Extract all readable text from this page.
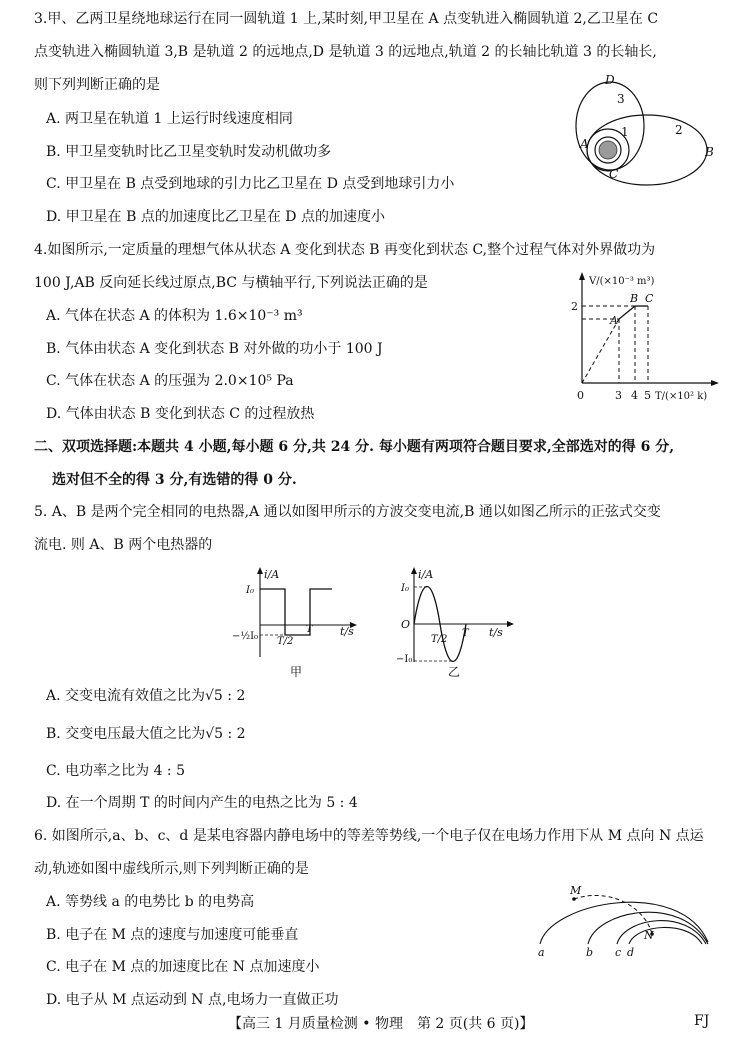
3.甲、乙两卫星绕地球运行在同一圆轨道 1 上,某时刻,甲卫星在 A 点变轨进入椭圆轨道 2,乙卫星在 C
点变轨进入椭圆轨道 3,B 是轨道 2 的远地点,D 是轨道 3 的远地点,轨道 2 的长轴比轨道 3 的长轴长,
则下列判断正确的是
A. 两卫星在轨道 1 上运行时线速度相同
B. 甲卫星变轨时比乙卫星变轨时发动机做功多
C. 甲卫星在 B 点受到地球的引力比乙卫星在 D 点受到地球引力小
D. 甲卫星在 B 点的加速度比乙卫星在 D 点的加速度小
D
3
1	2
A
B
C
4.如图所示,一定质量的理想气体从状态 A 变化到状态 B 再变化到状态 C,整个过程气体对外界做功为
100 J,AB 反向延长线过原点,BC 与横轴平行,下列说法正确的是
A. 气体在状态 A 的体积为 1.6×10⁻³ m³
B. 气体由状态 A 变化到状态 B 对外做的功小于 100 J
C. 气体在状态 A 的压强为 2.0×10⁵ Pa
D. 气体由状态 B 变化到状态 C 的过程放热
V/(×10⁻³ m³)
T/(×10² k)
2
0	3 4 5
A
B C
二、双项选择题:本题共 4 小题,每小题 6 分,共 24 分. 每小题有两项符合题目要求,全部选对的得 6 分,
选对但不全的得 3 分,有选错的得 0 分.
5. A、B 是两个完全相同的电热器,A 通以如图甲所示的方波交变电流,B 通以如图乙所示的正弦式交变
流电. 则 A、B 两个电热器的
i/A
I₀
−½I₀ T/2
T t/s
甲
i/A
I₀
O
−I₀
T/2
T t/s
乙
A. 交变电流有效值之比为√5 : 2
B. 交变电压最大值之比为√5 : 2
C. 电功率之比为 4 : 5
D. 在一个周期 T 的时间内产生的电热之比为 5 : 4
6. 如图所示,a、b、c、d 是某电容器内静电场中的等差等势线,一个电子仅在电场力作用下从 M 点向 N 点运
动,轨迹如图中虚线所示,则下列判断正确的是
A. 等势线 a 的电势比 b 的电势高
B. 电子在 M 点的速度与加速度可能垂直
C. 电子在 M 点的加速度比在 N 点加速度小
D. 电子从 M 点运动到 N 点,电场力一直做正功
M
N
a	b c d
【高三 1 月质量检测 • 物理　第 2 页(共 6 页)】	FJ
